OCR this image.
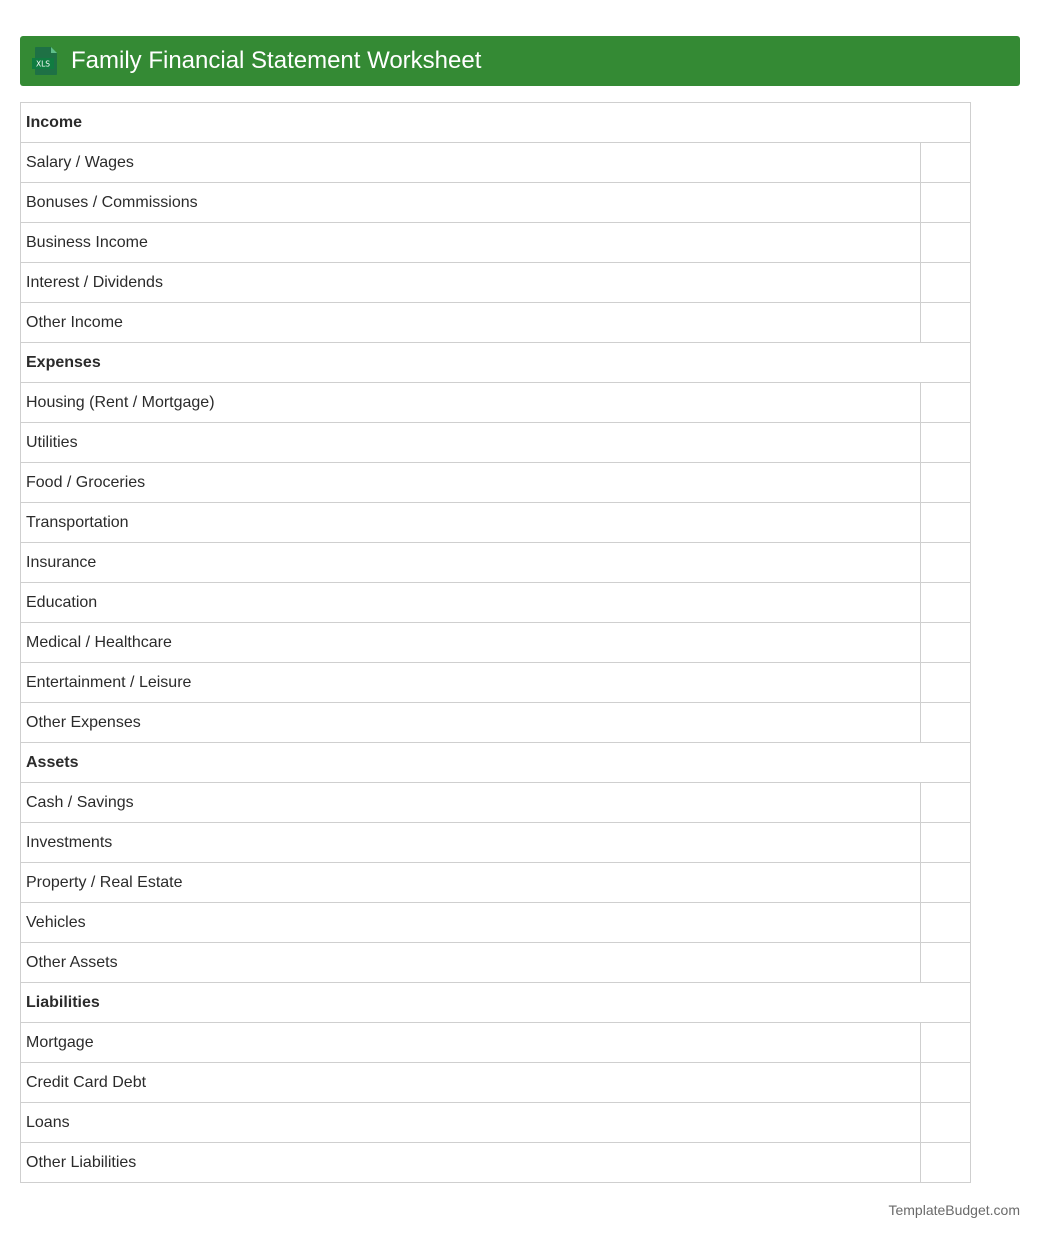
XLS Family Financial Statement Worksheet
Income	
Salary / Wages	
Bonuses / Commissions	
Business Income	
Interest / Dividends	
Other Income	
Expenses	
Housing (Rent / Mortgage)	
Utilities	
Food / Groceries	
Transportation	
Insurance	
Education	
Medical / Healthcare	
Entertainment / Leisure	
Other Expenses	
Assets	
Cash / Savings	
Investments	
Property / Real Estate	
Vehicles	
Other Assets	
Liabilities	
Mortgage	
Credit Card Debt	
Loans	
Other Liabilities	
TemplateBudget.com
